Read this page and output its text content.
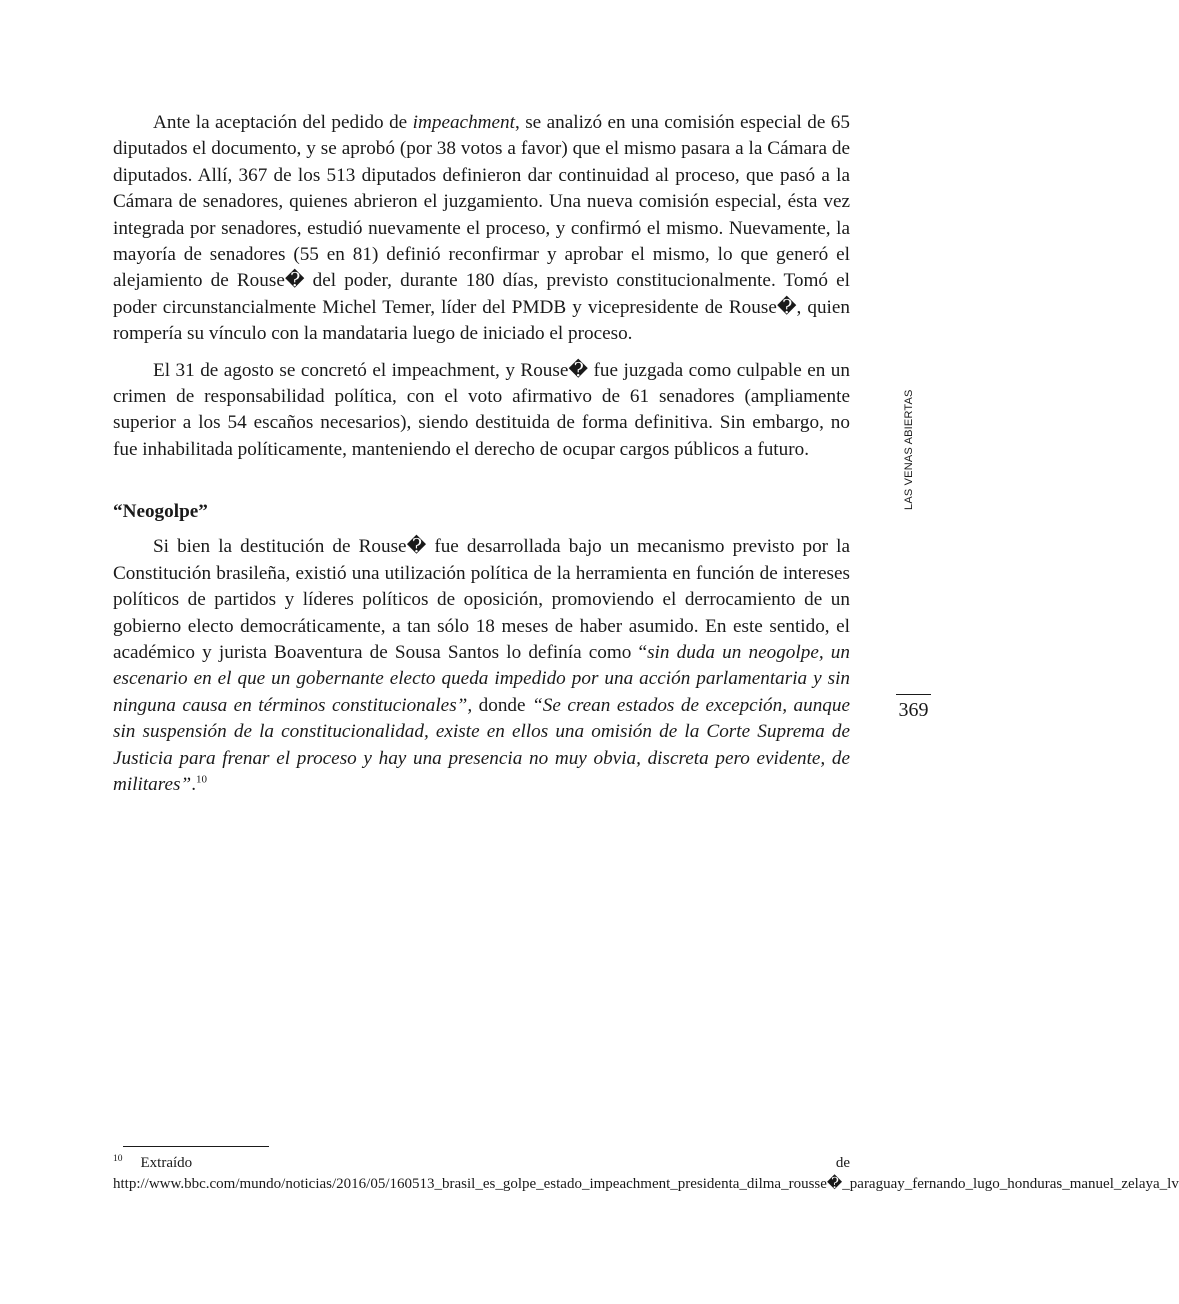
Ante la aceptación del pedido de impeachment, se analizó en una comisión especial de 65 diputados el documento, y se aprobó (por 38 votos a favor) que el mismo pasara a la Cámara de diputados. Allí, 367 de los 513 diputados definieron dar continuidad al proceso, que pasó a la Cámara de senadores, quienes abrieron el juzgamiento. Una nueva comisión especial, ésta vez integrada por senadores, estudió nuevamente el proceso, y confirmó el mismo. Nuevamente, la mayoría de senadores (55 en 81) definió reconfirmar y aprobar el mismo, lo que generó el alejamiento de Rouse� del poder, durante 180 días, previsto constitucionalmente. Tomó el poder circunstancialmente Michel Temer, líder del PMDB y vicepresidente de Rouse�, quien rompería su vínculo con la mandataria luego de iniciado el proceso.

El 31 de agosto se concretó el impeachment, y Rouse� fue juzgada como culpable en un crimen de responsabilidad política, con el voto afirmativo de 61 senadores (ampliamente superior a los 54 escaños necesarios), siendo destituida de forma definitiva. Sin embargo, no fue inhabilitada políticamente, manteniendo el derecho de ocupar cargos públicos a futuro.

“Neogolpe”

Si bien la destitución de Rouse� fue desarrollada bajo un mecanismo previsto por la Constitución brasileña, existió una utilización política de la herramienta en función de intereses políticos de partidos y líderes políticos de oposición, promoviendo el derrocamiento de un gobierno electo democráticamente, a tan sólo 18 meses de haber asumido. En este sentido, el académico y jurista Boaventura de Sousa Santos lo definía como “sin duda un neogolpe, un escenario en el que un gobernante electo queda impedido por una acción parlamentaria y sin ninguna causa en términos constitucionales”, donde “Se crean estados de excepción, aunque sin suspensión de la constitucionalidad, existe en ellos una omisión de la Corte Suprema de Justicia para frenar el proceso y hay una presencia no muy obvia, discreta pero evidente, de militares”.$^{10}$

LAS VENAS ABIERTAS
369
$^{10}$ Extraído de http://www.bbc.com/mundo/noticias/2016/05/160513_brasil_es_golpe_estado_impeachment_presidenta_dilma_rousse�_paraguay_fernando_lugo_honduras_manuel_zelaya_lv
